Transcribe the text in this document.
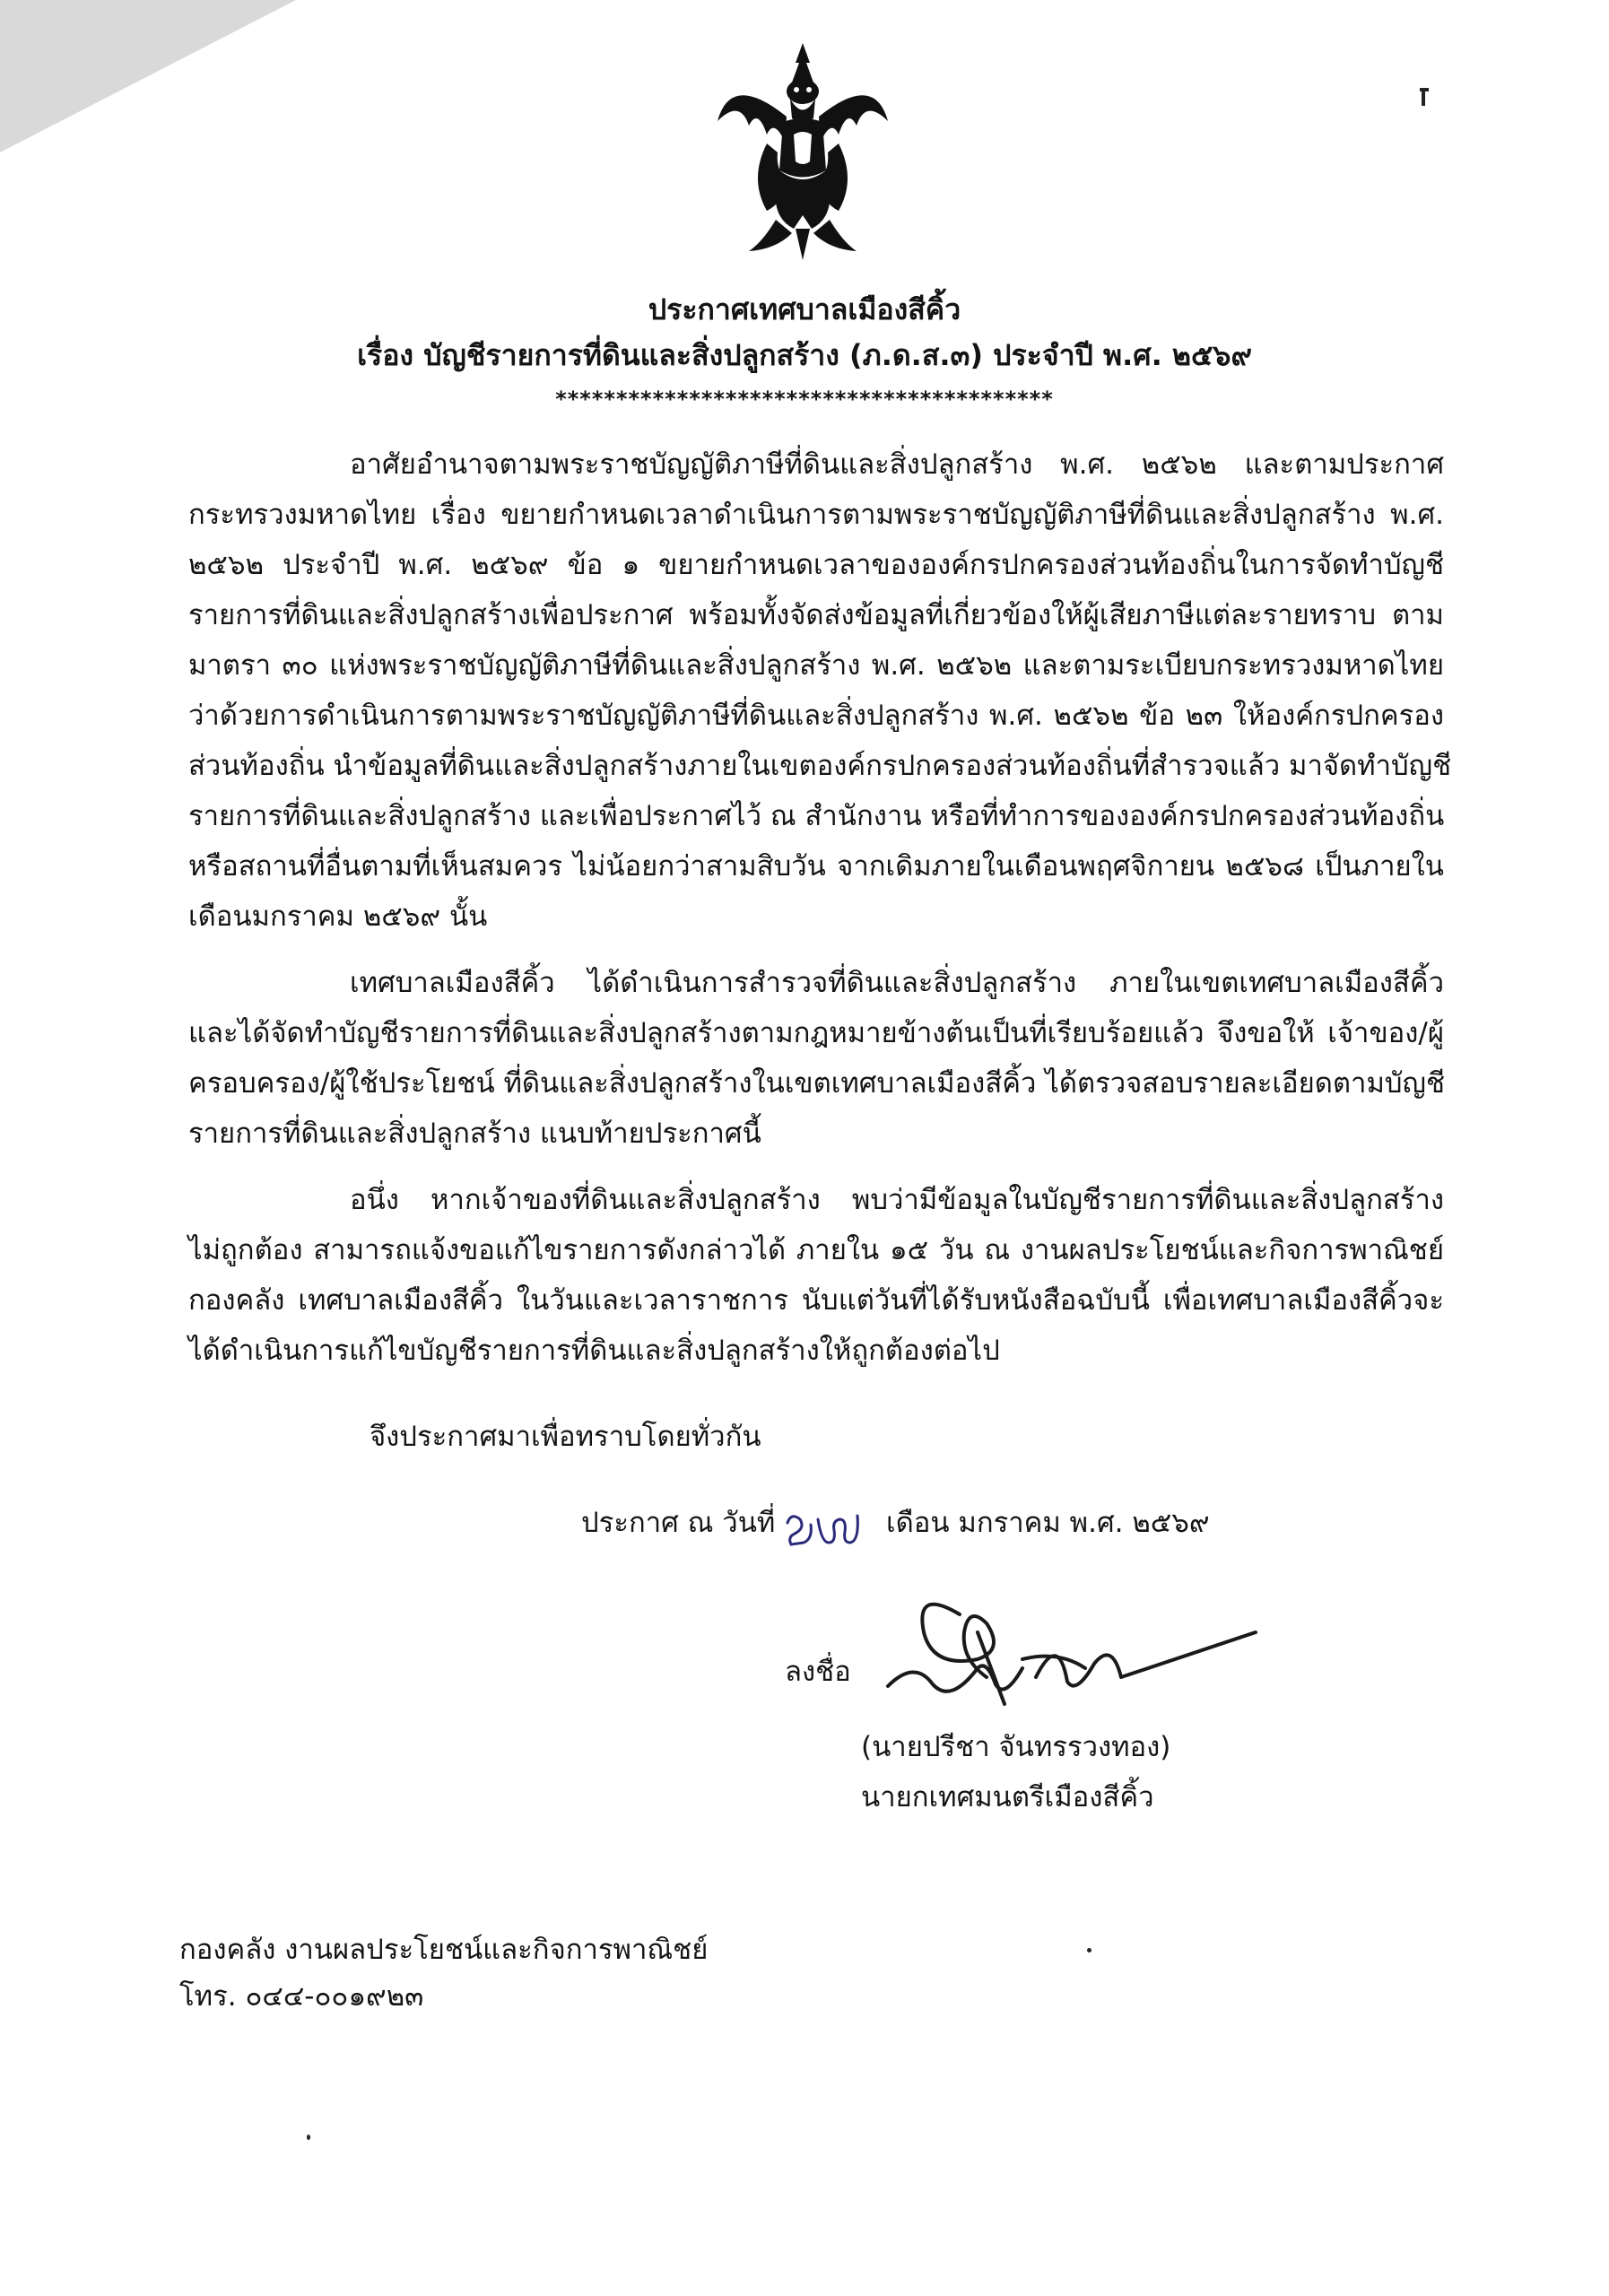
ประกาศเทศบาลเมืองสีคิ้ว
เรื่อง บัญชีรายการที่ดินและสิ่งปลูกสร้าง (ภ.ด.ส.๓) ประจำปี พ.ศ. ๒๕๖๙
*****************************************
อาศัยอำนาจตามพระราชบัญญัติภาษีที่ดินและสิ่งปลูกสร้าง พ.ศ. ๒๕๖๒ และตามประกาศ
กระทรวงมหาดไทย เรื่อง ขยายกำหนดเวลาดำเนินการตามพระราชบัญญัติภาษีที่ดินและสิ่งปลูกสร้าง พ.ศ.
๒๕๖๒ ประจำปี พ.ศ. ๒๕๖๙ ข้อ ๑ ขยายกำหนดเวลาขององค์กรปกครองส่วนท้องถิ่นในการจัดทำบัญชี
รายการที่ดินและสิ่งปลูกสร้างเพื่อประกาศ พร้อมทั้งจัดส่งข้อมูลที่เกี่ยวข้องให้ผู้เสียภาษีแต่ละรายทราบ ตาม
มาตรา ๓๐ แห่งพระราชบัญญัติภาษีที่ดินและสิ่งปลูกสร้าง พ.ศ. ๒๕๖๒ และตามระเบียบกระทรวงมหาดไทย
ว่าด้วยการดำเนินการตามพระราชบัญญัติภาษีที่ดินและสิ่งปลูกสร้าง พ.ศ. ๒๕๖๒ ข้อ ๒๓ ให้องค์กรปกครอง
ส่วนท้องถิ่น นำข้อมูลที่ดินและสิ่งปลูกสร้างภายในเขตองค์กรปกครองส่วนท้องถิ่นที่สำรวจแล้ว มาจัดทำบัญชี
รายการที่ดินและสิ่งปลูกสร้าง และเพื่อประกาศไว้ ณ สำนักงาน หรือที่ทำการขององค์กรปกครองส่วนท้องถิ่น
หรือสถานที่อื่นตามที่เห็นสมควร ไม่น้อยกว่าสามสิบวัน จากเดิมภายในเดือนพฤศจิกายน ๒๕๖๘ เป็นภายใน
เดือนมกราคม ๒๕๖๙ นั้น
เทศบาลเมืองสีคิ้ว ได้ดำเนินการสำรวจที่ดินและสิ่งปลูกสร้าง ภายในเขตเทศบาลเมืองสีคิ้ว
และได้จัดทำบัญชีรายการที่ดินและสิ่งปลูกสร้างตามกฎหมายข้างต้นเป็นที่เรียบร้อยแล้ว จึงขอให้ เจ้าของ/ผู้
ครอบครอง/ผู้ใช้ประโยชน์ ที่ดินและสิ่งปลูกสร้างในเขตเทศบาลเมืองสีคิ้ว ได้ตรวจสอบรายละเอียดตามบัญชี
รายการที่ดินและสิ่งปลูกสร้าง แนบท้ายประกาศนี้
อนึ่ง หากเจ้าของที่ดินและสิ่งปลูกสร้าง พบว่ามีข้อมูลในบัญชีรายการที่ดินและสิ่งปลูกสร้าง
ไม่ถูกต้อง สามารถแจ้งขอแก้ไขรายการดังกล่าวได้ ภายใน ๑๕ วัน ณ งานผลประโยชน์และกิจการพาณิชย์
กองคลัง เทศบาลเมืองสีคิ้ว ในวันและเวลาราชการ นับแต่วันที่ได้รับหนังสือฉบับนี้ เพื่อเทศบาลเมืองสีคิ้วจะ
ได้ดำเนินการแก้ไขบัญชีรายการที่ดินและสิ่งปลูกสร้างให้ถูกต้องต่อไป
จึงประกาศมาเพื่อทราบโดยทั่วกัน
ประกาศ ณ วันที่	เดือน มกราคม พ.ศ. ๒๕๖๙
ลงชื่อ
(นายปรีชา จันทรรวงทอง)
นายกเทศมนตรีเมืองสีคิ้ว
กองคลัง งานผลประโยชน์และกิจการพาณิชย์
โทร. ๐๔๔-๐๐๑๙๒๓
